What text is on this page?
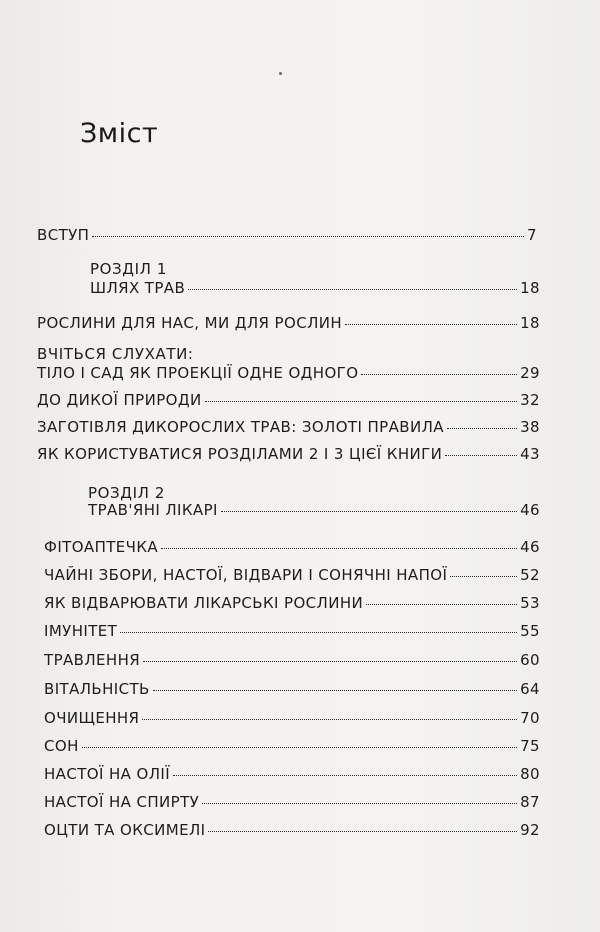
Зміст
ВСТУП	7
РОЗДІЛ 1
ШЛЯХ ТРАВ	18
РОСЛИНИ ДЛЯ НАС, МИ ДЛЯ РОСЛИН	18
ВЧІТЬСЯ СЛУХАТИ:
ТІЛО І САД ЯК ПРОЕКЦІЇ ОДНЕ ОДНОГО	29
ДО ДИКОЇ ПРИРОДИ	32
ЗАГОТІВЛЯ ДИКОРОСЛИХ ТРАВ: ЗОЛОТІ ПРАВИЛА	38
ЯК КОРИСТУВАТИСЯ РОЗДІЛАМИ 2 І 3 ЦІЄЇ КНИГИ	43
РОЗДІЛ 2
ТРАВ'ЯНІ ЛІКАРІ	46
ФІТОАПТЕЧКА	46
ЧАЙНІ ЗБОРИ, НАСТОЇ, ВІДВАРИ І СОНЯЧНІ НАПОЇ	52
ЯК ВІДВАРЮВАТИ ЛІКАРСЬКІ РОСЛИНИ	53
ІМУНІТЕТ	55
ТРАВЛЕННЯ	60
ВІТАЛЬНІСТЬ	64
ОЧИЩЕННЯ	70
СОН	75
НАСТОЇ НА ОЛІЇ	80
НАСТОЇ НА СПИРТУ	87
ОЦТИ ТА ОКСИМЕЛІ	92
